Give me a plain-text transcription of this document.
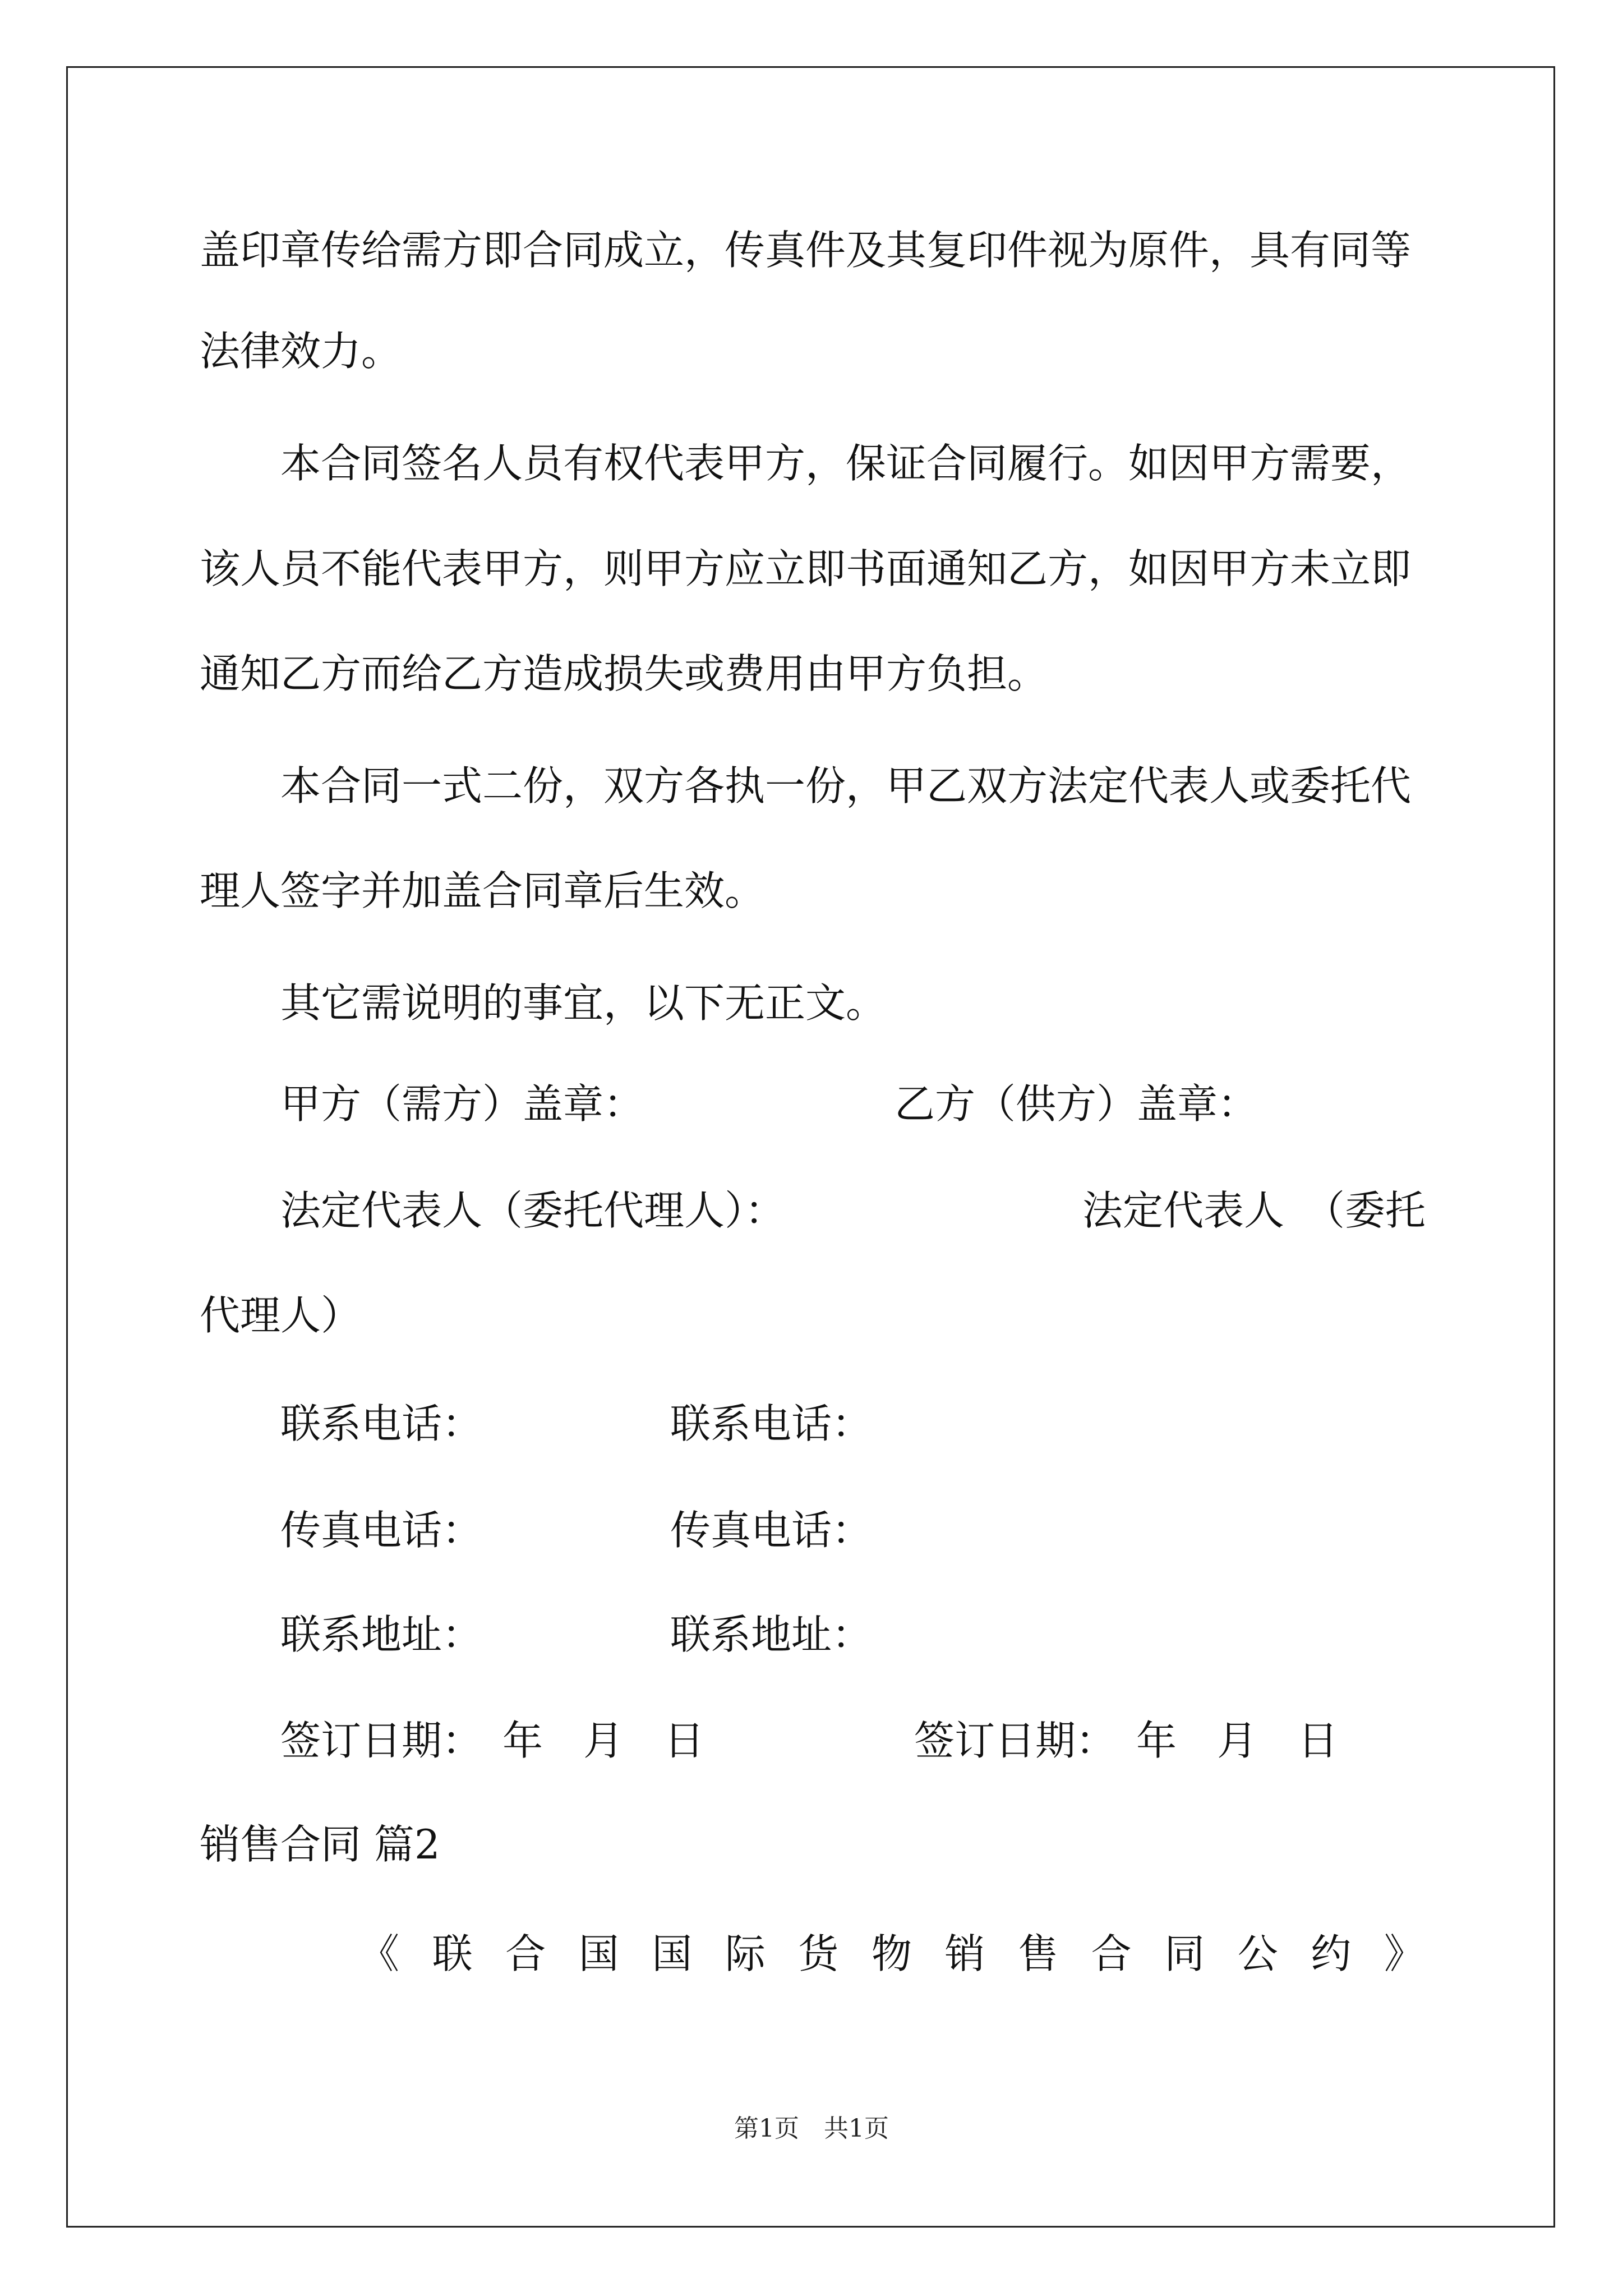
盖印章传给需方即合同成立，传真件及其复印件视为原件，具有同等
法律效力。
本合同签名人员有权代表甲方，保证合同履行。如因甲方需要，
该人员不能代表甲方，则甲方应立即书面通知乙方，如因甲方未立即
通知乙方而给乙方造成损失或费用由甲方负担。
本合同一式二份，双方各执一份，甲乙双方法定代表人或委托代
理人签字并加盖合同章后生效。
其它需说明的事宜，以下无正文。
甲方（需方）盖章：	乙方（供方）盖章：
法定代表人（委托代理人）：	法定代表人　（委托
代理人）
联系电话：	联系电话：
传真电话：	传真电话：
联系地址：	联系地址：
签订日期：　年　月　日	签订日期：　年　月　日
销售合同 篇2
《 联 合 国 国 际 货 物 销 售 合 同 公 约 》
第1页　共1页
